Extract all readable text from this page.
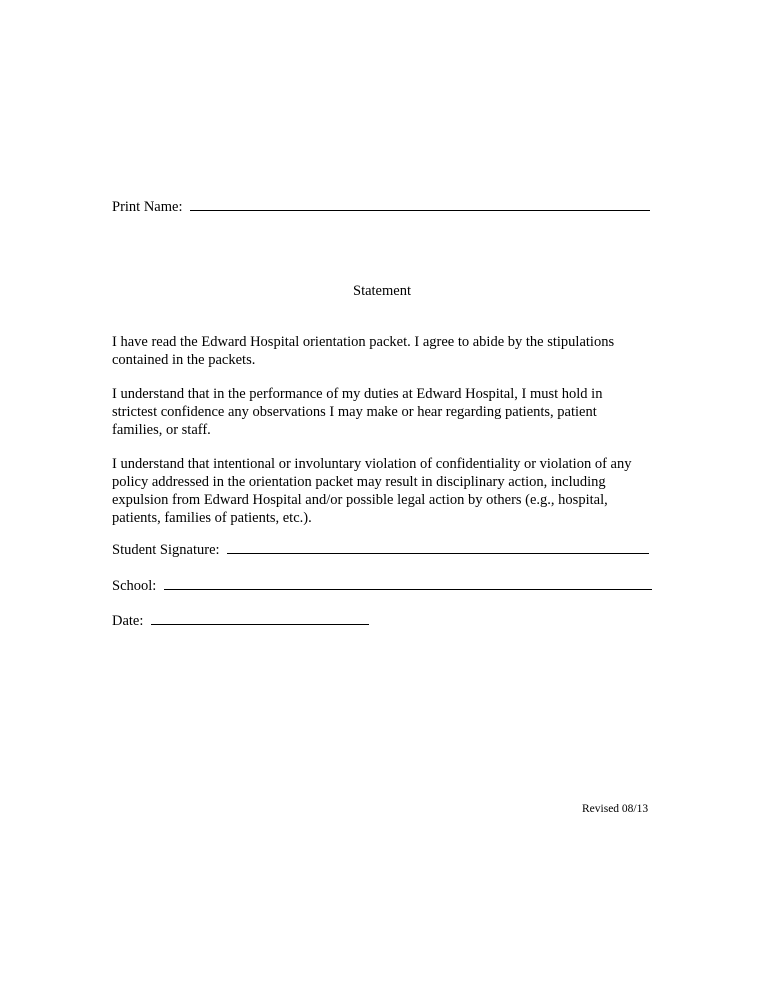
Print Name:
Statement
I have read the Edward Hospital orientation packet. I agree to abide by the stipulations
contained in the packets.
I understand that in the performance of my duties at Edward Hospital, I must hold in
strictest confidence any observations I may make or hear regarding patients, patient
families, or staff.
I understand that intentional or involuntary violation of confidentiality or violation of any
policy addressed in the orientation packet may result in disciplinary action, including
expulsion from Edward Hospital and/or possible legal action by others (e.g., hospital,
patients, families of patients, etc.).
Student Signature:
School:
Date:
Revised 08/13
